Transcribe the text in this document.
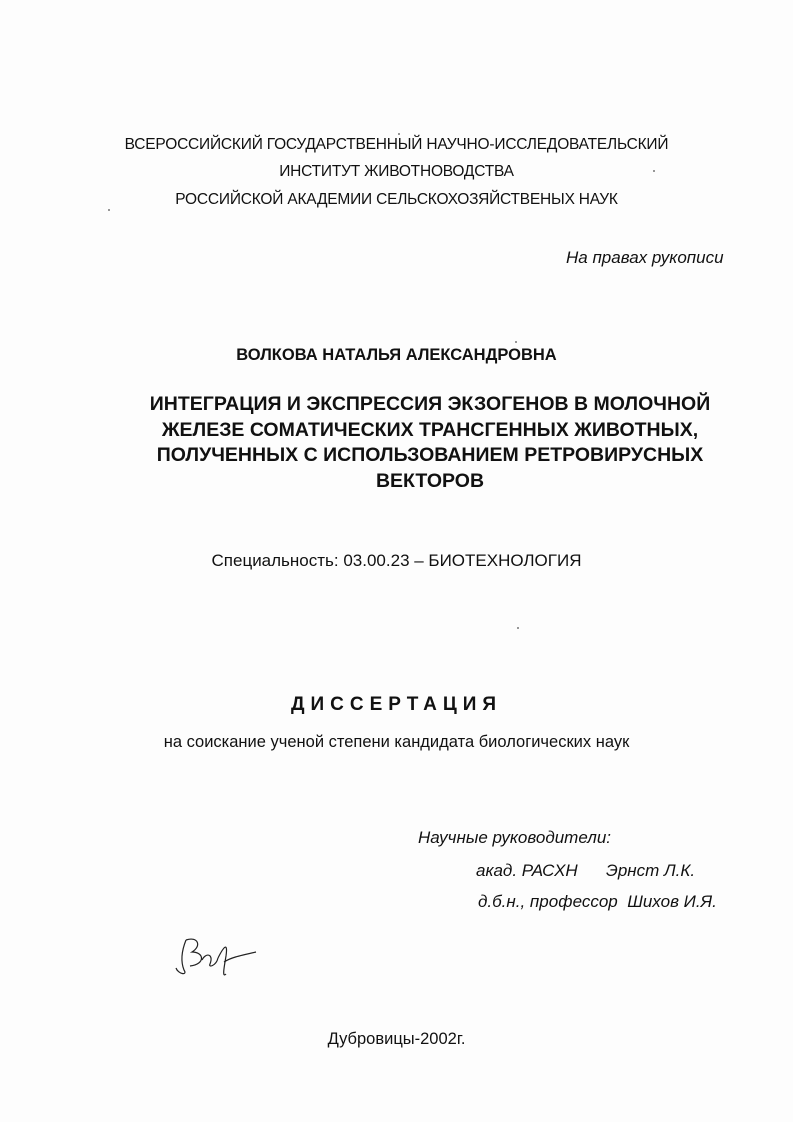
ВСЕРОССИЙСКИЙ ГОСУДАРСТВЕННЫЙ НАУЧНО-ИССЛЕДОВАТЕЛЬСКИЙ
ИНСТИТУТ ЖИВОТНОВОДСТВА
РОССИЙСКОЙ АКАДЕМИИ СЕЛЬСКОХОЗЯЙСТВЕНЫХ НАУК
На правах рукописи
ВОЛКОВА НАТАЛЬЯ АЛЕКСАНДРОВНА
ИНТЕГРАЦИЯ И ЭКСПРЕССИЯ ЭКЗОГЕНОВ В МОЛОЧНОЙ
ЖЕЛЕЗЕ СОМАТИЧЕСКИХ ТРАНСГЕННЫХ ЖИВОТНЫХ,
ПОЛУЧЕННЫХ С ИСПОЛЬЗОВАНИЕМ РЕТРОВИРУСНЫХ
ВЕКТОРОВ
Специальность: 03.00.23 – БИОТЕХНОЛОГИЯ
ДИССЕРТАЦИЯ
на соискание ученой степени кандидата биологических наук
Научные руководители:
акад. РАСХН      Эрнст Л.К.
д.б.н., профессор  Шихов И.Я.
Дубровицы-2002г.
